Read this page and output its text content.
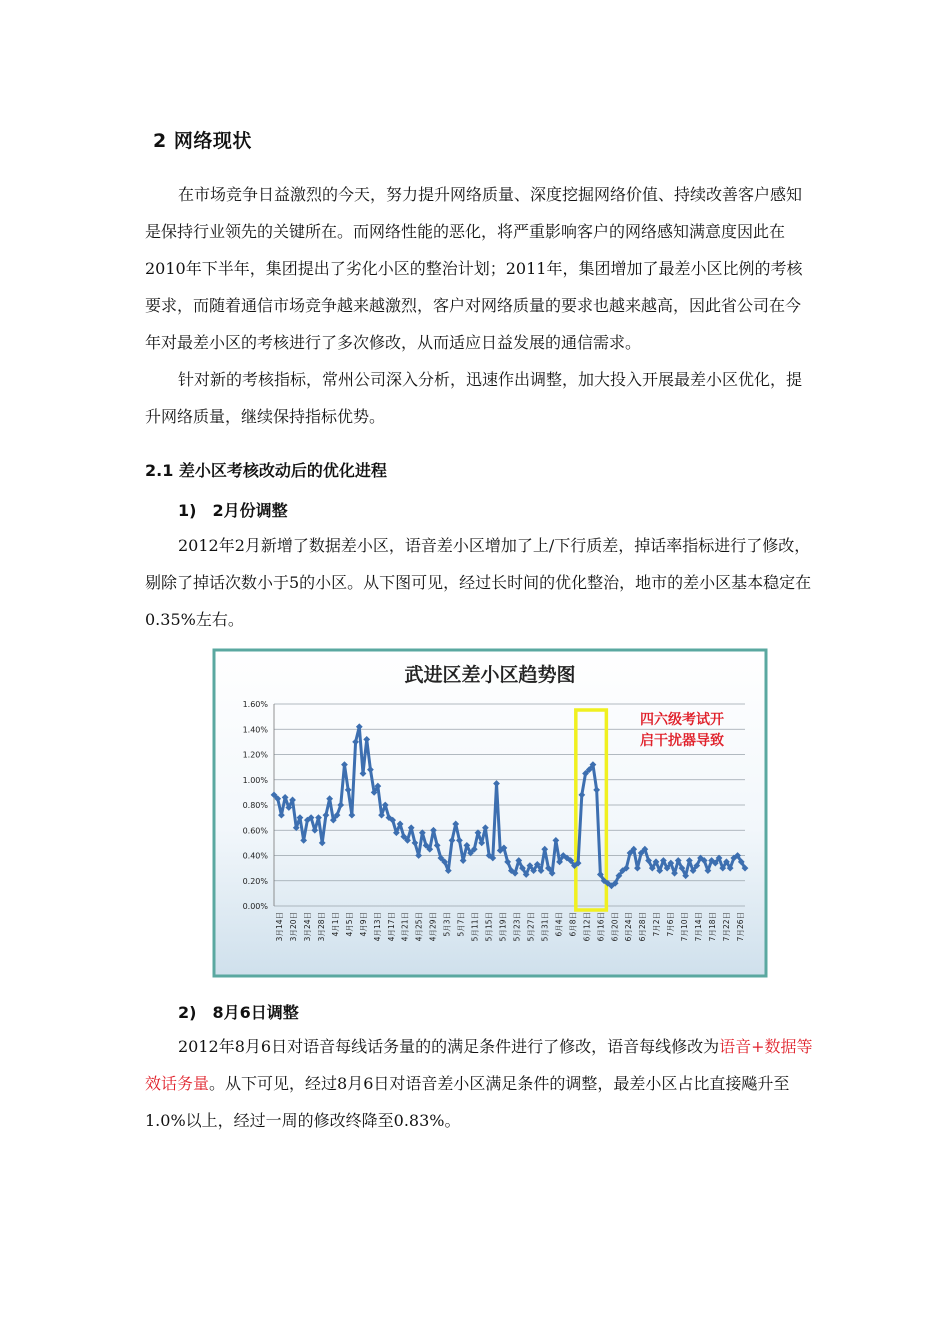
2 网络现状

在市场竞争日益激烈的今天，努力提升网络质量、深度挖掘网络价值、持续改善客户感知是保持行业领先的关键所在。而网络性能的恶化，将严重影响客户的网络感知满意度因此在2010年下半年，集团提出了劣化小区的整治计划；2011年，集团增加了最差小区比例的考核要求，而随着通信市场竞争越来越激烈，客户对网络质量的要求也越来越高，因此省公司在今年对最差小区的考核进行了多次修改，从而适应日益发展的通信需求。

针对新的考核指标，常州公司深入分析，迅速作出调整，加大投入开展最差小区优化，提升网络质量，继续保持指标优势。

2.1 差小区考核改动后的优化进程
1)　2月份调整

2012年2月新增了数据差小区，语音差小区增加了上/下行质差，掉话率指标进行了修改，剔除了掉话次数小于5的小区。从下图可见，经过长时间的优化整治，地市的差小区基本稳定在0.35%左右。

武进区差小区趋势图
0.00%
0.20%
0.40%
0.60%
0.80%
1.00%
1.20%
1.40%
1.60%
3月14日 3月20日 3月24日 3月28日 4月1日 4月5日 4月9日 4月13日 4月17日 4月21日 4月25日 4月29日 5月3日 5月7日 5月11日 5月15日 5月19日 5月23日 5月27日 5月31日 6月4日 6月8日 6月12日 6月16日 6月20日 6月24日 6月28日 7月2日 7月6日 7月10日 7月14日 7月18日 7月22日 7月26日
四六级考试开
启干扰器导致
2)　8月6日调整

2012年8月6日对语音每线话务量的的满足条件进行了修改，语音每线修改为语音+数据等效话务量。从下可见，经过8月6日对语音差小区满足条件的调整，最差小区占比直接飚升至1.0%以上，经过一周的修改终降至0.83%。
